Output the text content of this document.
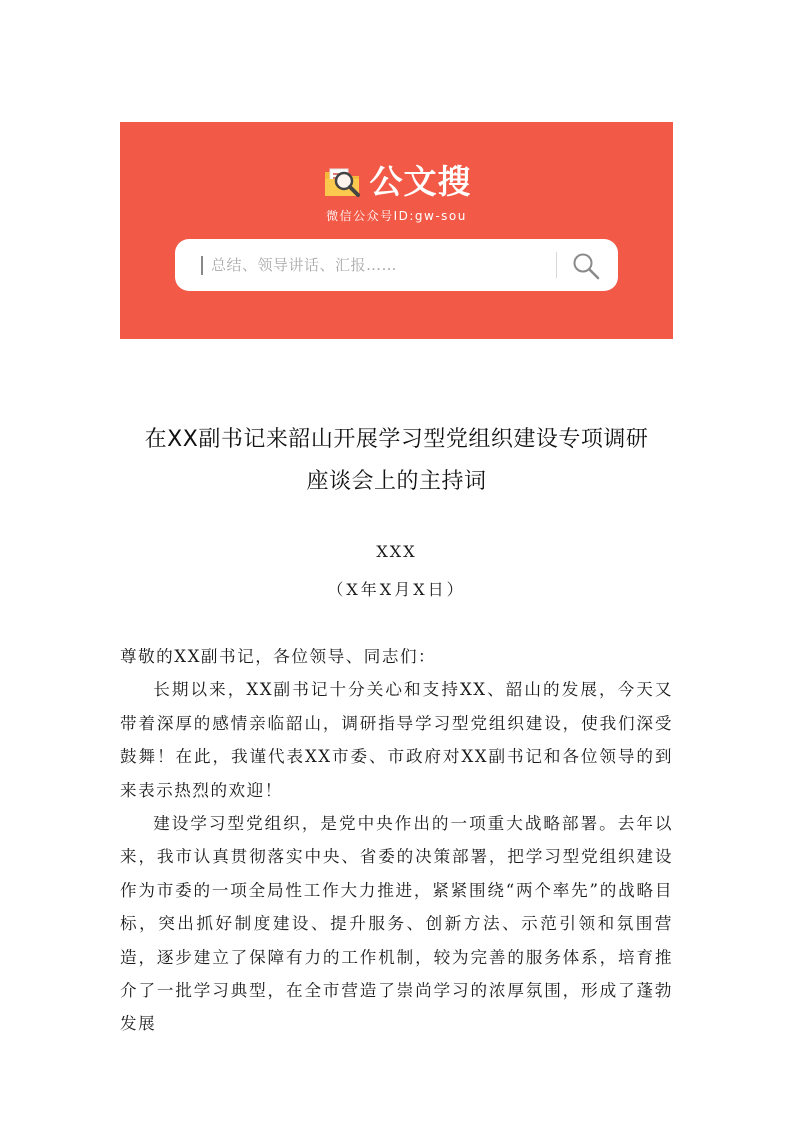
公文搜
微信公众号ID:gw-sou
总结、领导讲话、汇报……
在XX副书记来韶山开展学习型党组织建设专项调研
座谈会上的主持词
XXX
（X年X月X日）

尊敬的XX副书记，各位领导、同志们：

长期以来，XX副书记十分关心和支持XX、韶山的发展，今天又带着深厚的感情亲临韶山，调研指导学习型党组织建设，使我们深受鼓舞！在此，我谨代表XX市委、市政府对XX副书记和各位领导的到来表示热烈的欢迎！

建设学习型党组织，是党中央作出的一项重大战略部署。去年以来，我市认真贯彻落实中央、省委的决策部署，把学习型党组织建设作为市委的一项全局性工作大力推进，紧紧围绕“两个率先”的战略目标，突出抓好制度建设、提升服务、创新方法、示范引领和氛围营造，逐步建立了保障有力的工作机制，较为完善的服务体系，培育推介了一批学习典型，在全市营造了崇尚学习的浓厚氛围，形成了蓬勃发展
